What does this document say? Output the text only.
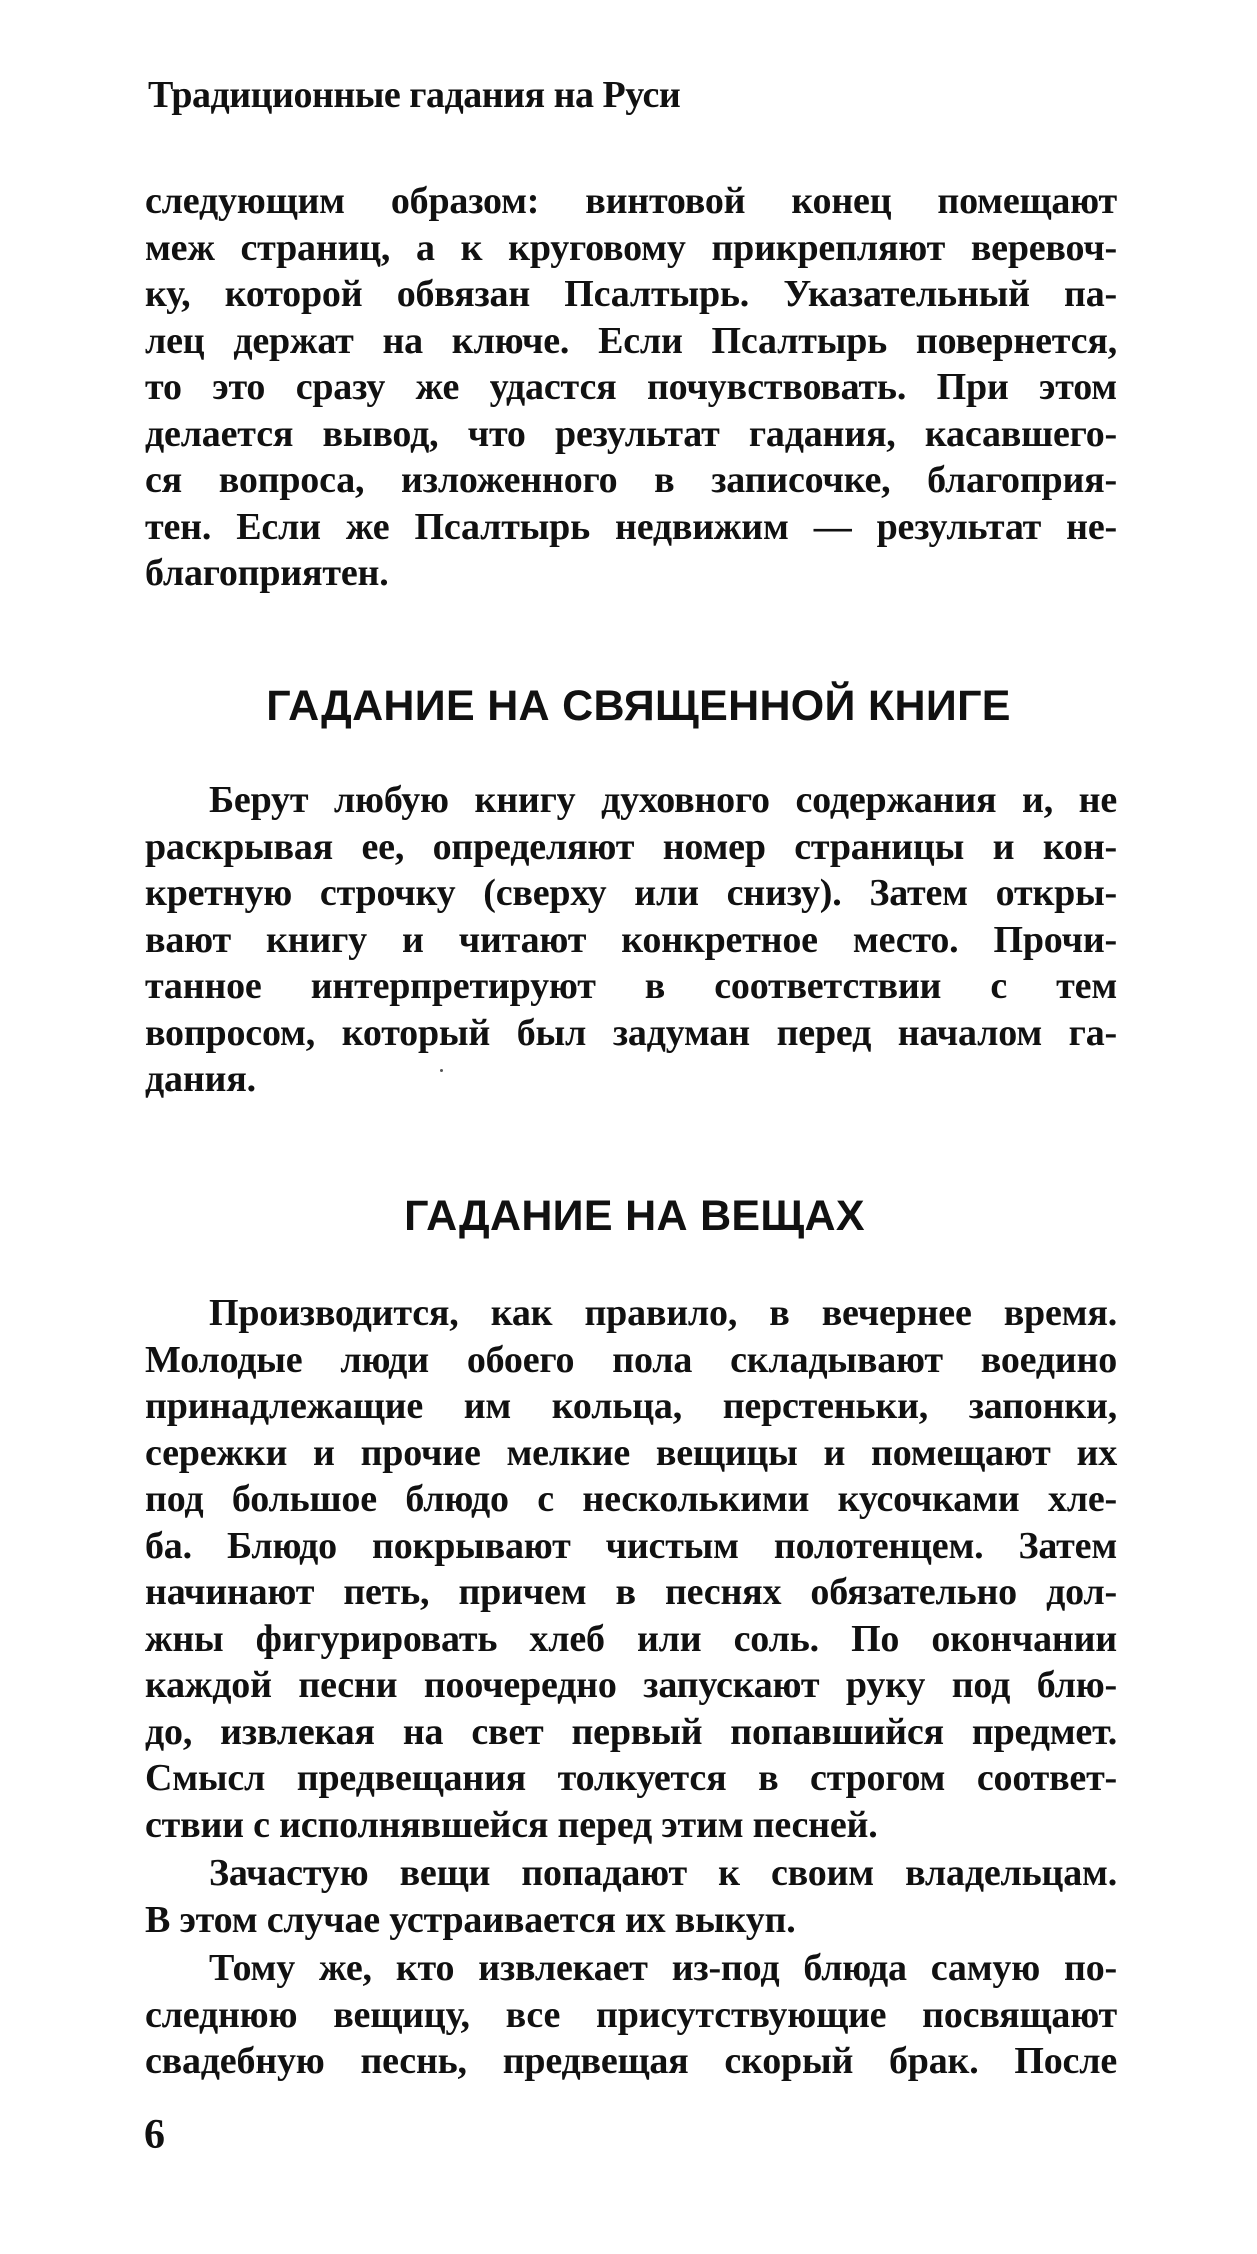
Традиционные гадания на Руси
следующим образом: винтовой конец помещают
меж страниц, а к круговому прикрепляют веревоч-
ку, которой обвязан Псалтырь. Указательный па-
лец держат на ключе. Если Псалтырь повернется,
то это сразу же удастся почувствовать. При этом
делается вывод, что результат гадания, касавшего-
ся вопроса, изложенного в записочке, благоприя-
тен. Если же Псалтырь недвижим — результат не-
благоприятен.
ГАДАНИЕ НА СВЯЩЕННОЙ КНИГЕ
Берут любую книгу духовного содержания и, не
раскрывая ее, определяют номер страницы и кон-
кретную строчку (сверху или снизу). Затем откры-
вают книгу и читают конкретное место. Прочи-
танное интерпретируют в соответствии с тем
вопросом, который был задуман перед началом га-
дания.
ГАДАНИЕ НА ВЕЩАХ
Производится, как правило, в вечернее время.
Молодые люди обоего пола складывают воедино
принадлежащие им кольца, перстеньки, запонки,
сережки и прочие мелкие вещицы и помещают их
под большое блюдо с несколькими кусочками хле-
ба. Блюдо покрывают чистым полотенцем. Затем
начинают петь, причем в песнях обязательно дол-
жны фигурировать хлеб или соль. По окончании
каждой песни поочередно запускают руку под блю-
до, извлекая на свет первый попавшийся предмет.
Смысл предвещания толкуется в строгом соответ-
ствии с исполнявшейся перед этим песней.
Зачастую вещи попадают к своим владельцам.
В этом случае устраивается их выкуп.
Тому же, кто извлекает из-под блюда самую по-
следнюю вещицу, все присутствующие посвящают
свадебную песнь, предвещая скорый брак. После
6
